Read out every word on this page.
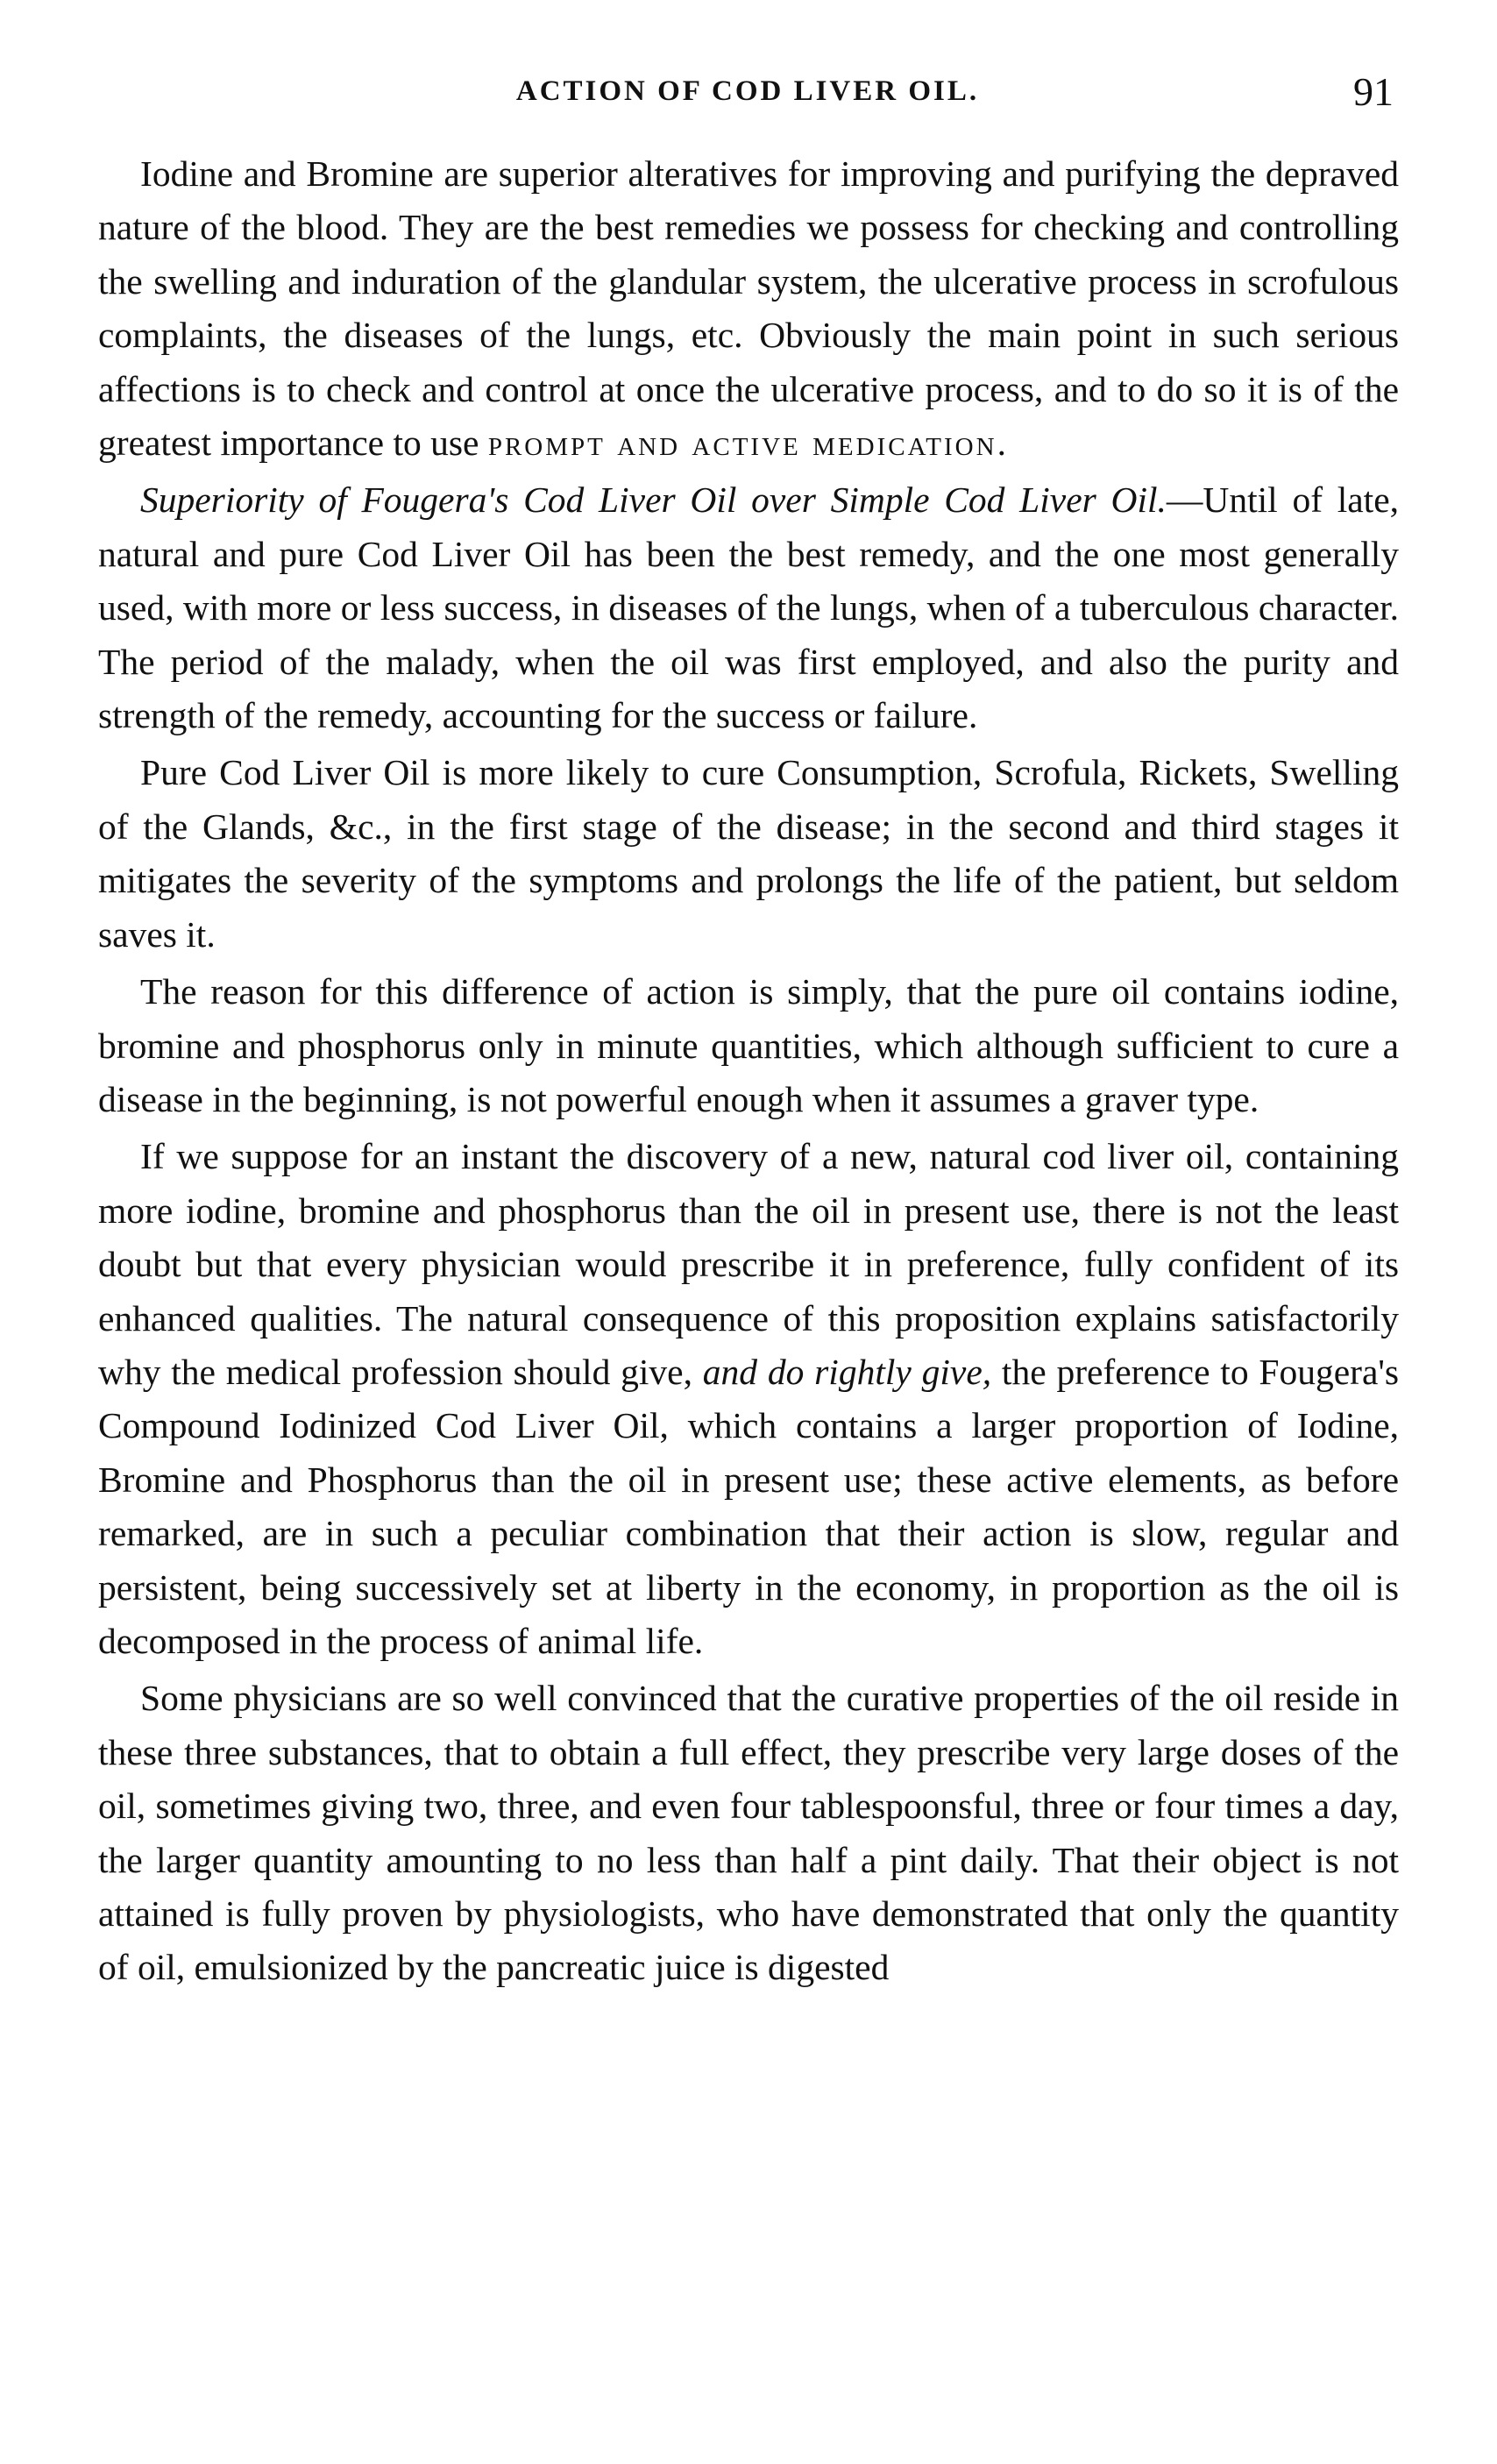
ACTION OF COD LIVER OIL.	91

Iodine and Bromine are superior alteratives for improving and purifying the depraved nature of the blood. They are the best remedies we possess for checking and controlling the swelling and induration of the glandular system, the ulcerative process in scrofulous complaints, the diseases of the lungs, etc. Obviously the main point in such serious affections is to check and control at once the ulcerative process, and to do so it is of the greatest importance to use prompt and active medication.

Superiority of Fougera's Cod Liver Oil over Simple Cod Liver Oil.—Until of late, natural and pure Cod Liver Oil has been the best remedy, and the one most generally used, with more or less success, in diseases of the lungs, when of a tuberculous character. The period of the malady, when the oil was first employed, and also the purity and strength of the remedy, accounting for the success or failure.

Pure Cod Liver Oil is more likely to cure Consumption, Scrofula, Rickets, Swelling of the Glands, &c., in the first stage of the disease; in the second and third stages it mitigates the severity of the symptoms and prolongs the life of the patient, but seldom saves it.

The reason for this difference of action is simply, that the pure oil contains iodine, bromine and phosphorus only in minute quantities, which although sufficient to cure a disease in the beginning, is not powerful enough when it assumes a graver type.

If we suppose for an instant the discovery of a new, natural cod liver oil, containing more iodine, bromine and phosphorus than the oil in present use, there is not the least doubt but that every physician would prescribe it in preference, fully confident of its enhanced qualities. The natural consequence of this proposition explains satisfactorily why the medical profession should give, and do rightly give, the preference to Fougera's Compound Iodinized Cod Liver Oil, which contains a larger proportion of Iodine, Bromine and Phosphorus than the oil in present use; these active elements, as before remarked, are in such a peculiar combination that their action is slow, regular and persistent, being successively set at liberty in the economy, in proportion as the oil is decomposed in the process of animal life.

Some physicians are so well convinced that the curative properties of the oil reside in these three substances, that to obtain a full effect, they prescribe very large doses of the oil, sometimes giving two, three, and even four tablespoonsful, three or four times a day, the larger quantity amounting to no less than half a pint daily. That their object is not attained is fully proven by physiologists, who have demonstrated that only the quantity of oil, emulsionized by the pancreatic juice is digested
